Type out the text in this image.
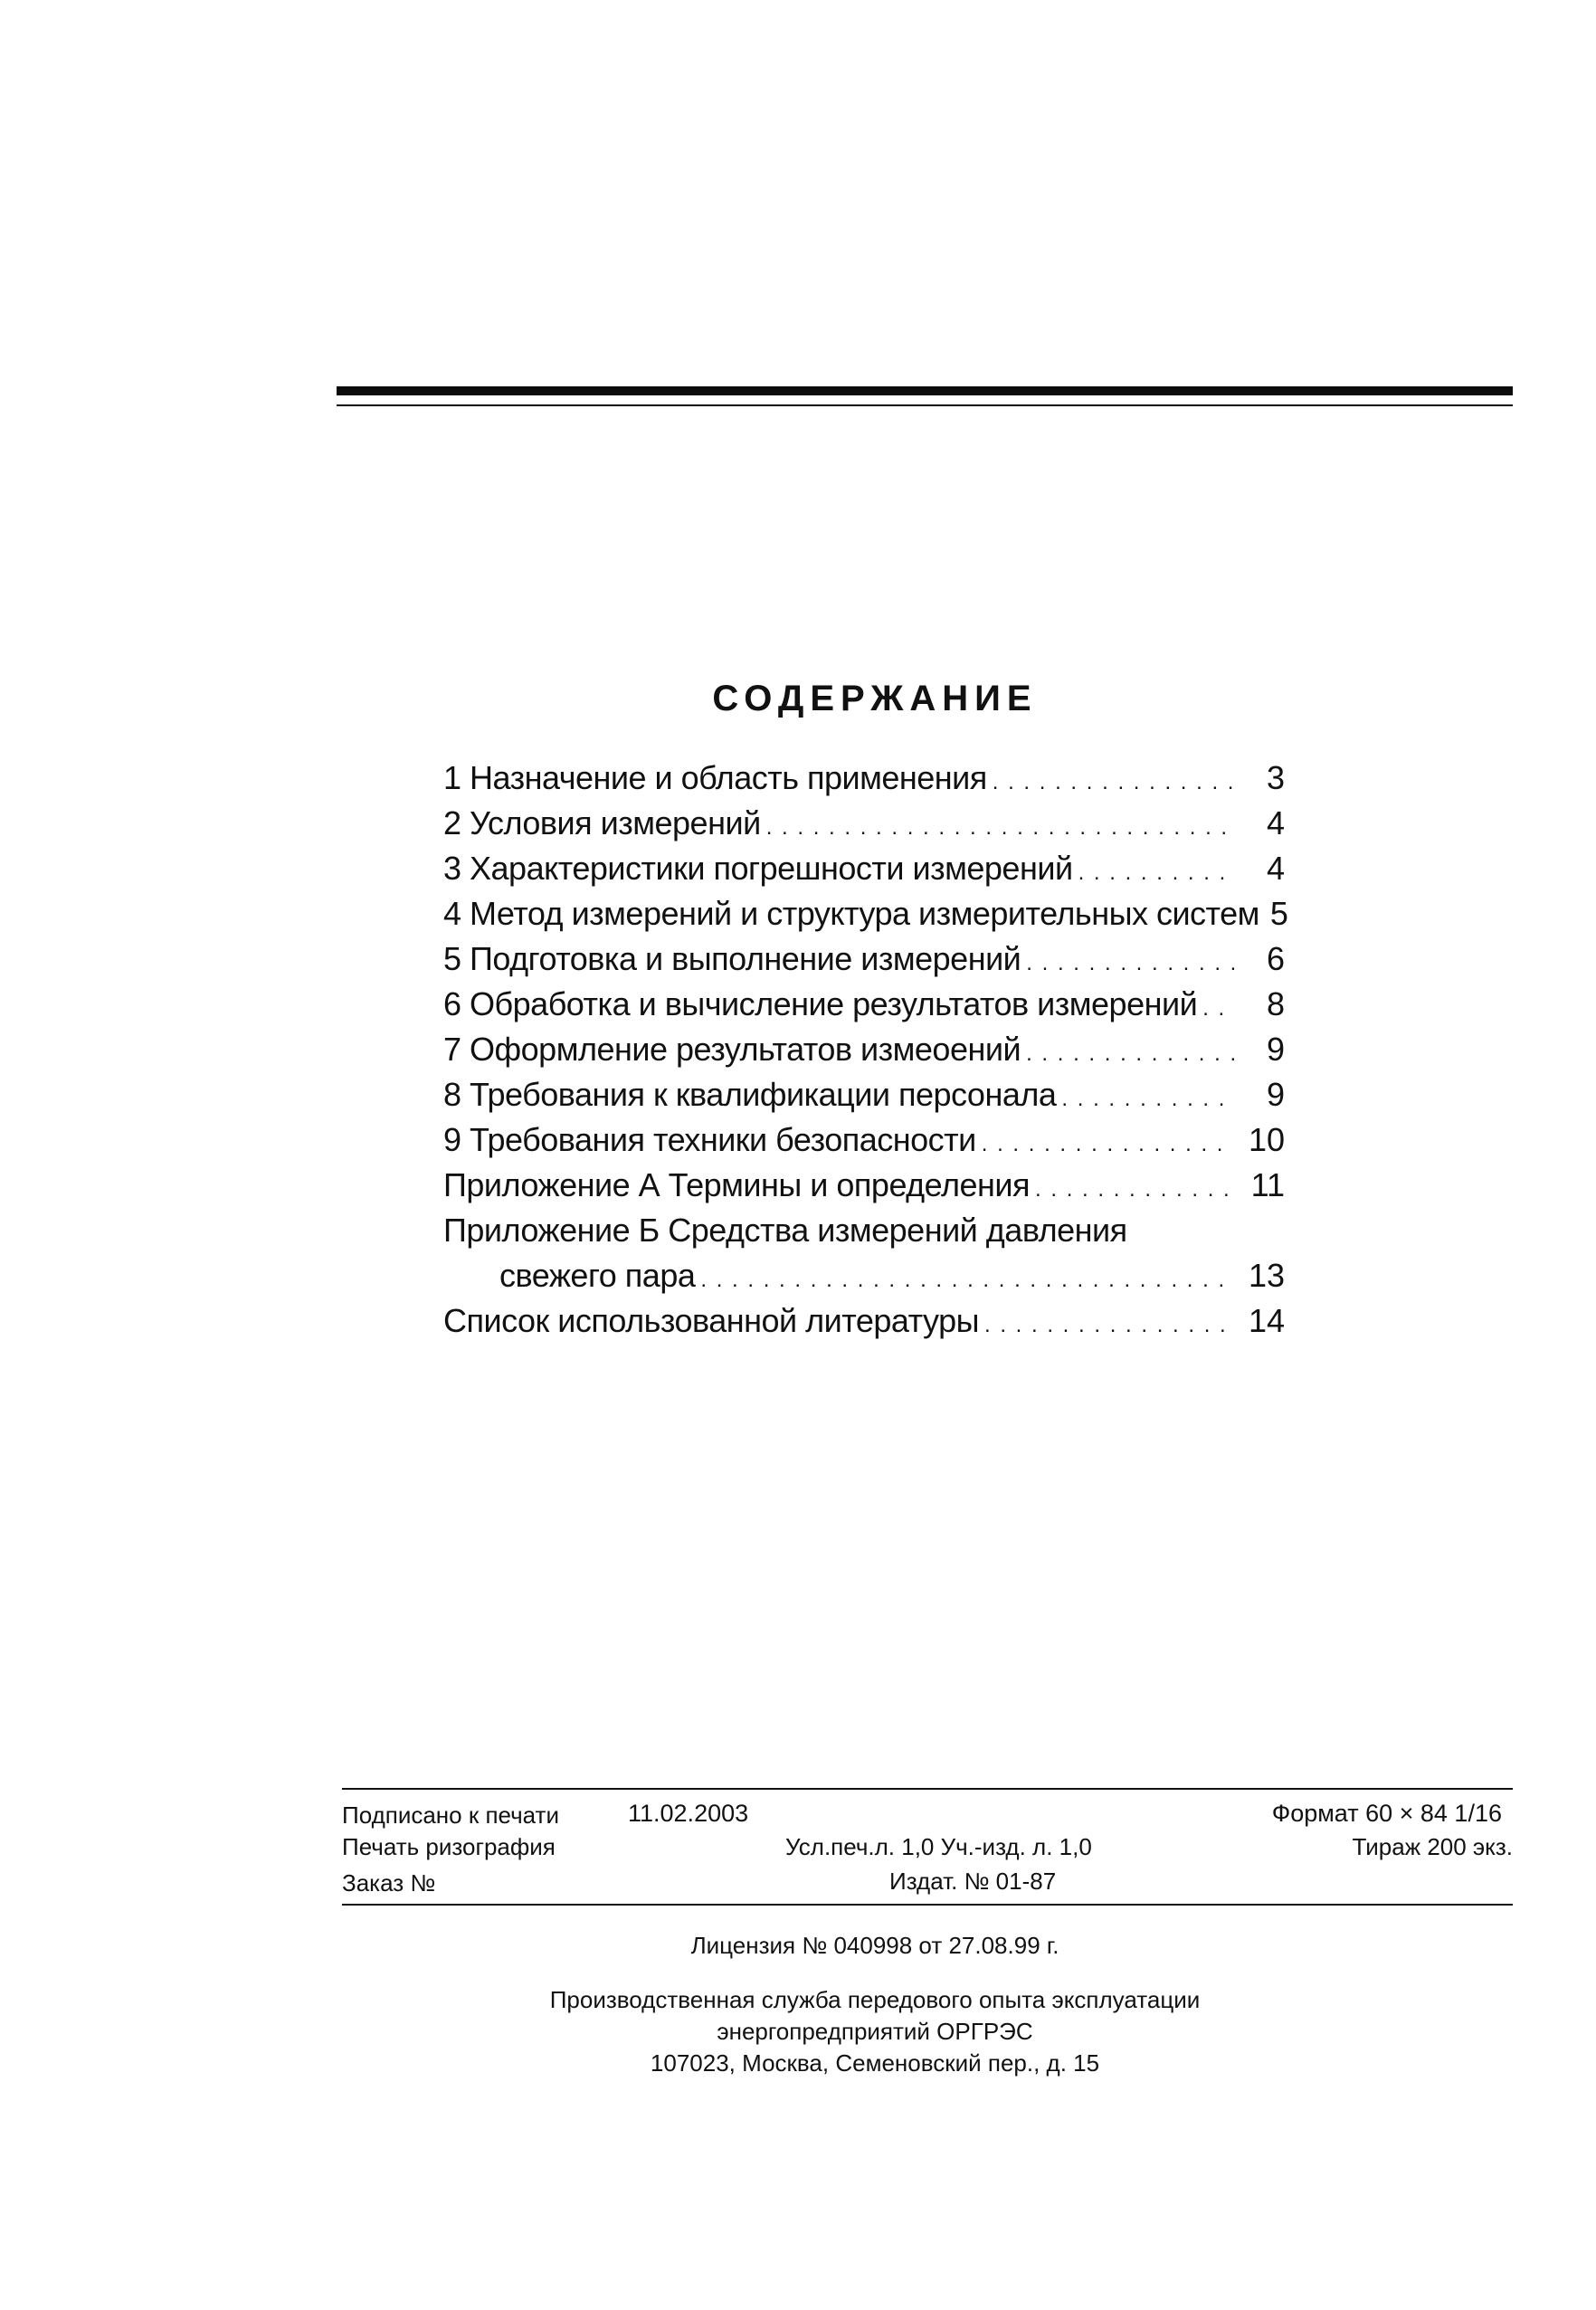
СОДЕРЖАНИЕ
1 Назначение и область применения . . .	3
2 Условия измерений . . .	4
3 Характеристики погрешности измерений . . .	4
4 Метод измерений и структура измерительных систем 5
5 Подготовка и выполнение измерений . . .	6
6 Обработка и вычисление результатов измерений . . .	8
7 Оформление результатов измеоений . . .	9
8 Требования к квалификации персонала . . .	9
9 Требования техники безопасности . . .	10
Приложение А Термины и определения . . .	11
Приложение Б Средства измерений давления
свежего пара . . .	13
Список использованной литературы . . .	14
Подписано к печати	11.02.2003	Формат 60 × 84 1/16
Печать ризография	Усл.печ.л. 1,0 Уч.-изд. л. 1,0	Тираж 200 экз.
Заказ №	Издат. № 01-87
Лицензия № 040998 от 27.08.99 г.
Производственная служба передового опыта эксплуатации
энергопредприятий ОРГРЭС
107023, Москва, Семеновский пер., д. 15
